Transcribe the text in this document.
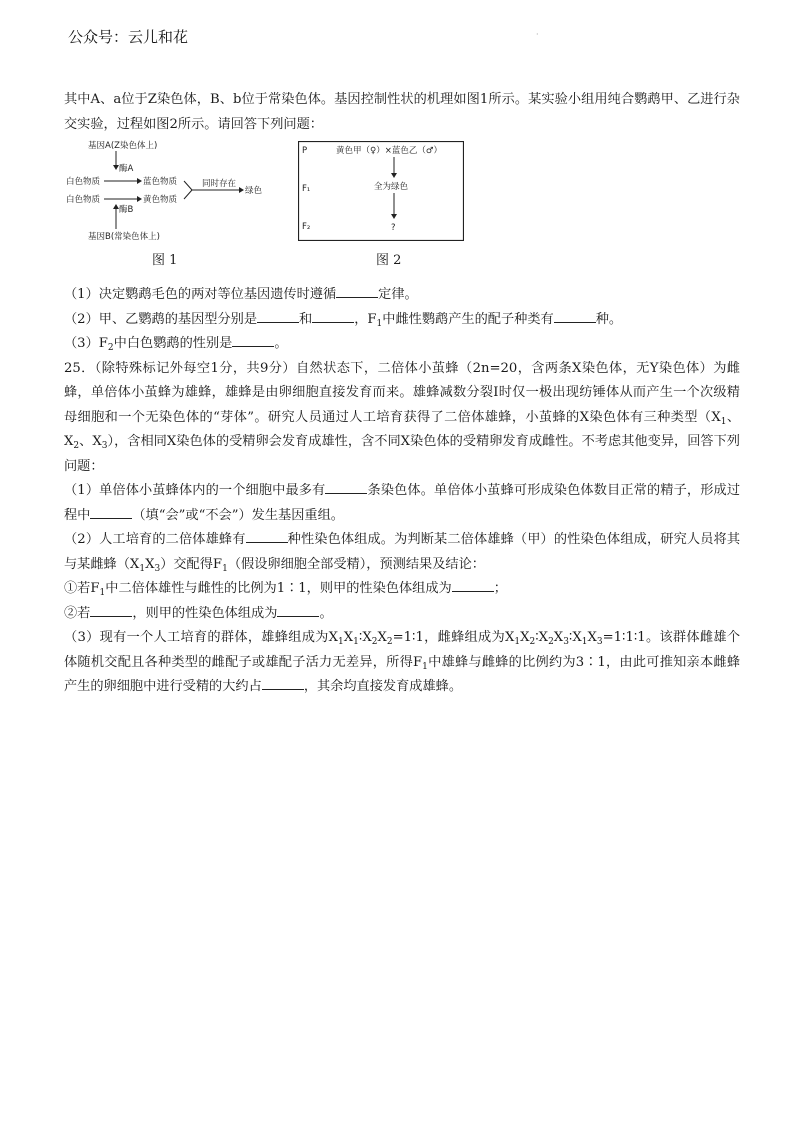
公众号：云儿和花	·

其中A、a位于Z染色体，B、b位于常染色体。基因控制性状的机理如图1所示。某实验小组用纯合鹦鹉甲、乙进行杂交实验，过程如图2所示。请回答下列问题：

基因A(Z染色体上)
酶A
白色物质	蓝色物质
白色物质	黄色物质
同时存在
绿色
酶B
基因B(常染色体上)
图 1
P	黄色甲（♀）×蓝色乙（♂）
F₁	全为绿色
F₂	?
图 2

（1）决定鹦鹉毛色的两对等位基因遗传时遵循	定律。

（2）甲、乙鹦鹉的基因型分别是	和	，$F_1$中雌性鹦鹉产生的配子种类有	种。

$(3)F_2$中白色鹦鹉的性别是	。

25．（除特殊标记外每空1分，共9分）自然状态下，二倍体小茧蜂（2n=20，含两条X染色体，无Y染色体）为雌蜂，单倍体小茧蜂为雄蜂，雄蜂是由卵细胞直接发育而来。雄蜂减数分裂Ⅰ时仅一极出现纺锤体从而产生一个次级精母细胞和一个无染色体的“芽体”。研究人员通过人工培育获得了二倍体雄蜂，小茧蜂的X染色体有三种类型（$X_1$、$X_2$、$X_3$），含相同X染色体的受精卵会发育成雄性，含不同X染色体的受精卵发育成雌性。不考虑其他变异，回答下列问题：

（1）单倍体小茧蜂体内的一个细胞中最多有	条染色体。单倍体小茧蜂可形成染色体数目正常的精子，形成过程中	（填“会”或“不会”）发生基因重组。

（2）人工培育的二倍体雄蜂有	种性染色体组成。为判断某二倍体雄蜂（甲）的性染色体组成，研究人员将其与某雌蜂$(X_1X_3)$交配得$F_1$（假设卵细胞全部受精），预测结果及结论：

①若$F_1$中二倍体雄性与雌性的比例为1∶1，则甲的性染色体组成为	；

②若	，则甲的性染色体组成为	。

（3）现有一个人工培育的群体，雄蜂组成为$X_1X_1∶X_2X_2=1∶1$，雌蜂组成为$X_1X_2∶X_2X_3∶X_1X_3=1∶1∶1$。该群体雌雄个体随机交配且各种类型的雌配子或雄配子活力无差异，所得$F_1$中雄蜂与雌蜂的比例约为3∶1，由此可推知亲本雌蜂产生的卵细胞中进行受精的大约占	，其余均直接发育成雄蜂。
